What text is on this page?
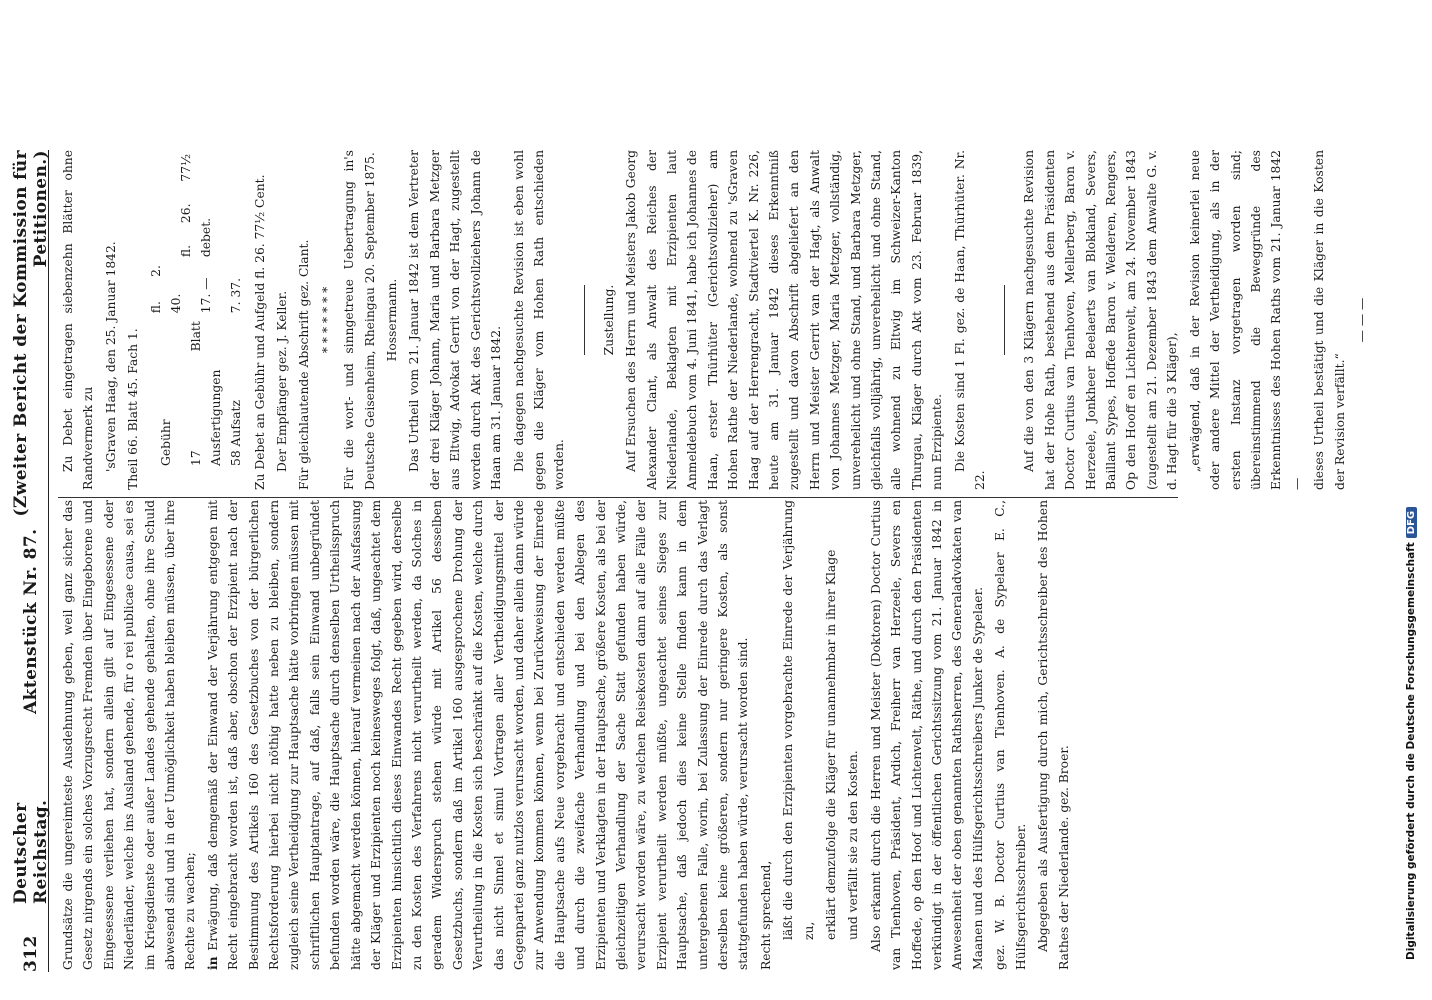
312
Deutscher Reichstag.
Aktenstück Nr. 87.
(Zweiter Bericht der Kommission für Petitionen.)

Grundsätze die ungereimteste Ausdehnung geben, weil ganz sicher das Gesetz nirgends ein solches Vorzugsrecht Fremden über Eingeborene und Eingesessene verliehen hat, sondern allein gilt auf Eingesessene oder Niederländer, welche ins Ausland gehende, für o rei publicae causa, sei es im Kriegsdienste oder außer Landes gehende gehalten, ohne ihre Schuld abwesend sind und in der Unmöglichkeit haben bleiben müssen, über ihre Rechte zu wachen; in Erwägung, daß demgemäß der Einwand der Verjährung entgegen mit Recht eingebracht worden ist, daß aber, obschon der Erzipient nach der Bestimmung des Artikels 160 des Gesetzbuches von der bürgerlichen Rechtsforderung hierbei nicht nöthig hatte neben zu bleiben, sondern zugleich seine Vertheidigung zur Hauptsache hätte vorbringen müssen mit schriftlichen Hauptantrage, auf daß, falls sein Einwand unbegründet befunden worden wäre, die Hauptsache durch denselben Urtheilsspruch hätte abgemacht werden können, hierauf vermeinen nach der Ausfassung der Kläger und Erzipienten noch keinesweges folgt, daß, ungeachtet dem Erzipienten hinsichtlich dieses Einwandes Recht gegeben wird, derselbe zu den Kosten des Verfahrens nicht verurtheilt werden, da Solches in geradem Widerspruch stehen würde mit Artikel 56 desselben Gesetzbuchs, sondern daß im Artikel 160 ausgesprochene Drohung der Verurtheilung in die Kosten sich beschränkt auf die Kosten, welche durch das nicht Sinnel et simul Vortragen aller Vertheidigungsmittel der Gegenpartei ganz nutzlos verursacht worden, und daher allein dann würde zur Anwendung kommen können, wenn bei Zurückweisung der Einrede die Hauptsache aufs Neue vorgebracht und entschieden werden müßte und durch die zweifache Verhandlung und bei den Ablegen des Erzipienten und Verklagten in der Hauptsache, größere Kosten, als bei der gleichzeitigen Verhandlung der Sache Statt gefunden haben würde, verursacht worden wäre, zu welchen Reisekosten dann auf alle Fälle der Erzipient verurtheilt werden müßte, ungeachtet seines Sieges zur Hauptsache, daß jedoch dies keine Stelle finden kann in dem untergebenen Falle, worin, bei Zulassung der Einrede durch das Verlagt derselben keine größeren, sondern nur geringere Kosten, als sonst stattgefunden haben würde, verursacht worden sind. Recht sprechend, läßt die durch den Erzipienten vorgebrachte Einrede der Verjährung zu, erklärt demzufolge die Kläger für unannehmbar in ihrer Klage und verfällt sie zu den Kosten. Also erkannt durch die Herren und Meister (Doktoren) Doctor Curtius van Tienhoven, Präsident, Ardich, Freiherr van Herzeele, Severs en Hoffede, op den Hoof und Lichtenvelt, Räthe, und durch den Präsidenten verkündigt in der öffentlichen Gerichtssitzung vom 21. Januar 1842 in Anwesenheit der oben genannten Rathsherren, des Generaladvokaten van Maanen und des Hülfsgerichtsschreibers Junker de Sypelaer. gez. W. B. Doctor Curtius van Tienhoven. A. de Sypelaer E. C., Hülfsgerichtsschreiber. Abgegeben als Ausfertigung durch mich, Gerichtsschreiber des Hohen Rathes der Niederlande. gez. Broer.

Zu Debet eingetragen siebenzehn Blätter ohne Randvermerk zu 'sGraven Haag, den 25. Januar 1842. Theil 66. Blatt 45. Fach 1. Gebühr	fl. 2. 40.	fl. 26. 77½ debet.
17 Blatt Ausfertigungen	17. —	
58 Aufsatz	7. 37.	Zu Debet an Gebühr und Aufgeld fl. 26. 77½ Cent. Der Empfänger gez. J. Keller. Für gleichlautende Abschrift gez. Clant. * * * * * * * Für die wort- und sinngetreue Uebertragung in's Deutsche Geisenheim, Rheingau 20. September 1875. Hossermann. Das Urtheil vom 21. Januar 1842 ist dem Vertreter der drei Kläger Johann, Maria und Barbara Metzger aus Eltwig, Advokat Gerrit von der Hagt, zugestellt worden durch Akt des Gerichtsvollziehers Johann de Haan am 31. Januar 1842. Die dagegen nachgesuchte Revision ist eben wohl gegen die Kläger vom Hohen Rath entschieden worden.

Zustellung. Auf Ersuchen des Herrn und Meisters Jakob Georg Alexander Clant, als Anwalt des Reiches der Niederlande, Beklagten mit Erzipienten laut Anmeldebuch vom 4. Juni 1841, habe ich Johannes de Haan, erster Thürhüter (Gerichtsvollzieher) am Hohen Rathe der Niederlande, wohnend zu 'sGraven Haag auf der Herrengracht, Stadtviertel K. Nr. 226, heute am 31. Januar 1842 dieses Erkenntniß zugestellt und davon Abschrift abgeliefert an den Herrn und Meister Gerrit van der Hagt, als Anwalt von Johannes Metzger, Maria Metzger, vollständig, unverehelicht und ohne Stand, und Barbara Metzger, gleichfalls volljährig, unverehelicht und ohne Stand, alle wohnend zu Eltwig im Schweizer-Kanton Thurgau, Kläger durch Akt vom 23. Februar 1839, nun Erzipiente. Die Kosten sind 1 Fl. gez. de Haan, Thürhüter. Nr. 22.

Auf die von den 3 Klägern nachgesuchte Revision hat der Hohe Rath, bestehend aus dem Präsidenten Doctor Curtius van Tienhoven, Mellerberg, Baron v. Herzeele, Jonkheer Beelaerts van Blokland, Severs, Baillant Sypes, Hoffede Baron v. Welderen, Rengers, Op den Hooff en Lichtenvelt, am 24. November 1843 (zugestellt am 21. Dezember 1843 dem Anwalte G. v. d. Hagt für die 3 Kläger), „erwägend, daß in der Revision keinerlei neue oder andere Mittel der Vertheidigung, als in der ersten Instanz vorgetragen worden sind; übereinstimmend die Beweggründe des Erkenntnisses des Hohen Raths vom 21. Januar 1842 — dieses Urtheil bestätigt und die Kläger in die Kosten der Revision verfällt.“

— — —

Digitalisierung gefördert durch die Deutsche ForschungsgemeinschaftDFG
